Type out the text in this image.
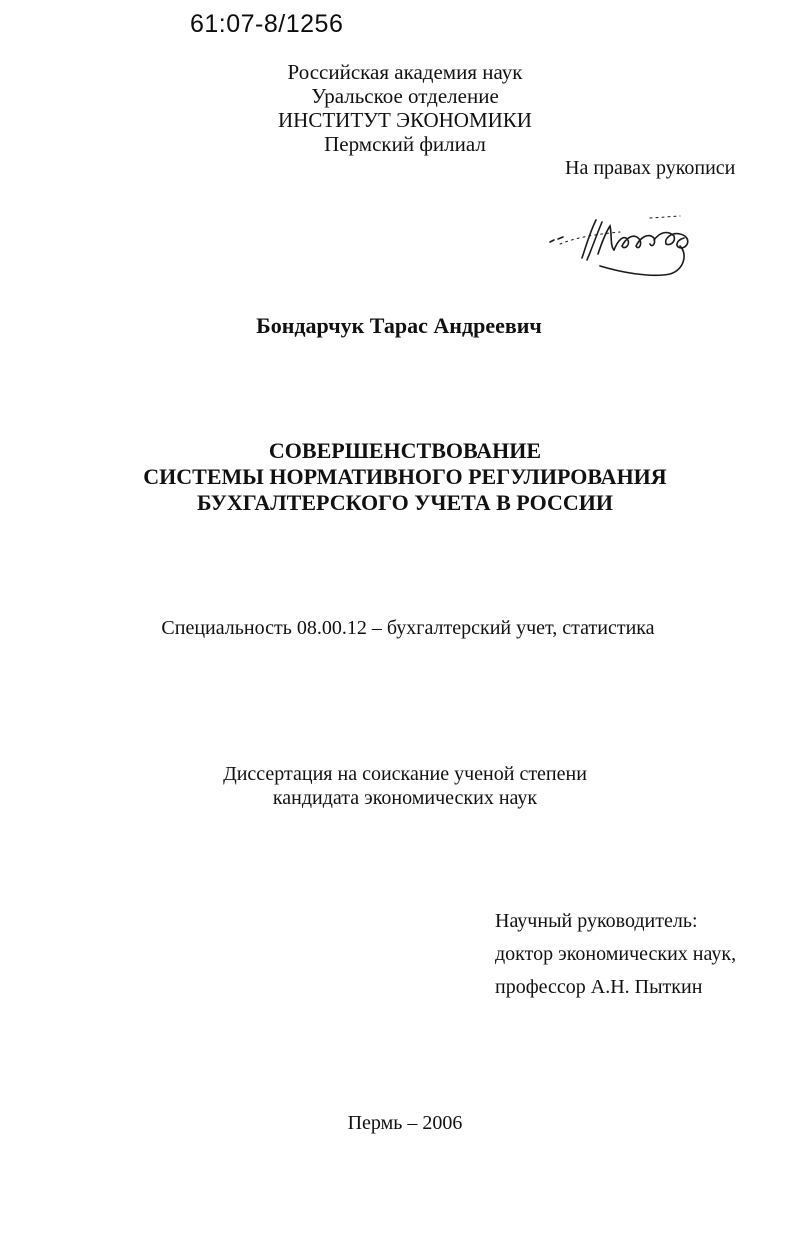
61:07-8/1256
Российская академия наук
Уральское отделение
ИНСТИТУТ ЭКОНОМИКИ
Пермский филиал
На правах рукописи
Бондарчук Тарас Андреевич
СОВЕРШЕНСТВОВАНИЕ
СИСТЕМЫ НОРМАТИВНОГО РЕГУЛИРОВАНИЯ
БУХГАЛТЕРСКОГО УЧЕТА В РОССИИ
Специальность 08.00.12 – бухгалтерский учет, статистика
Диссертация на соискание ученой степени
кандидата экономических наук
Научный руководитель:
доктор экономических наук,
профессор А.Н. Пыткин
Пермь – 2006
